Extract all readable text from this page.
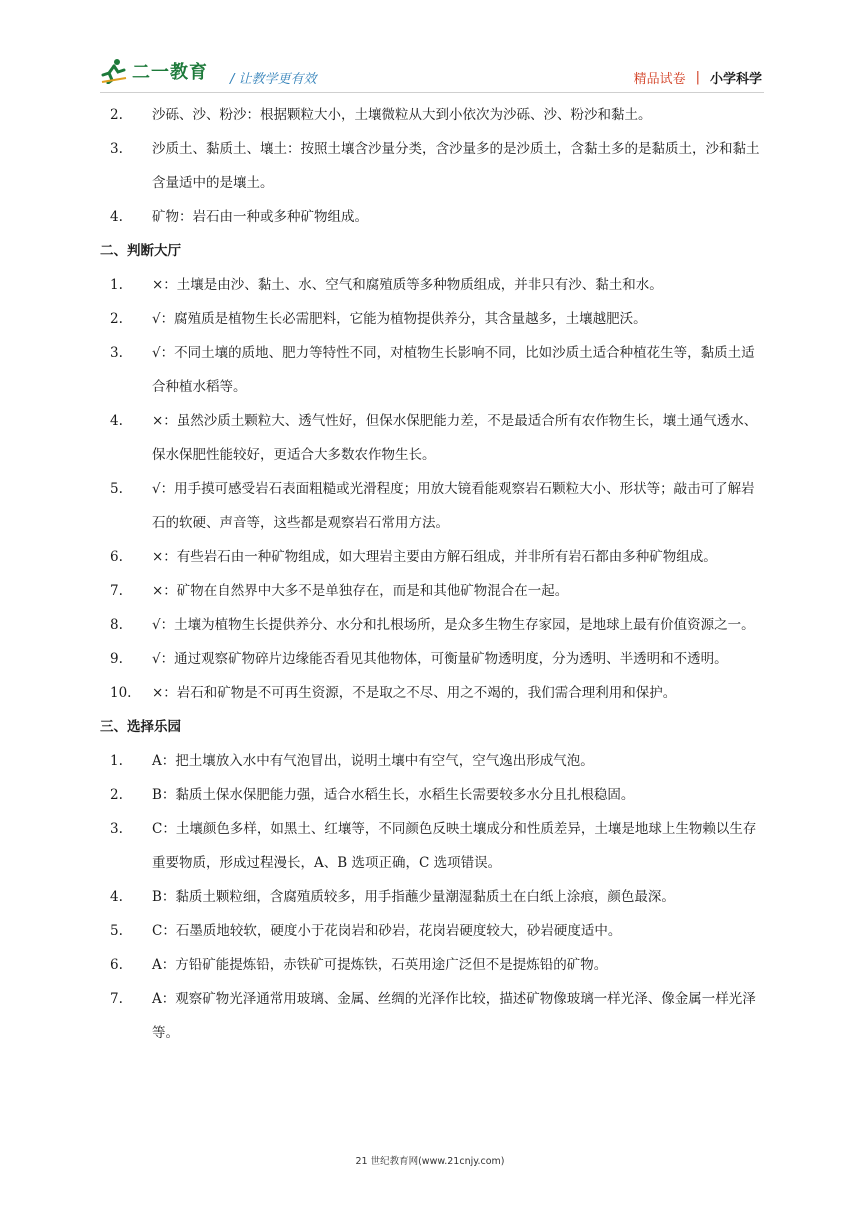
二一教育 / 让教学更有效	精品试卷 | 小学科学
2.	沙砾、沙、粉沙：根据颗粒大小，土壤微粒从大到小依次为沙砾、沙、粉沙和黏土。
3.	沙质土、黏质土、壤土：按照土壤含沙量分类，含沙量多的是沙质土，含黏土多的是黏质土，沙和黏土含量适中的是壤土。
4.	矿物：岩石由一种或多种矿物组成。
二、判断大厅
1.	×：土壤是由沙、黏土、水、空气和腐殖质等多种物质组成，并非只有沙、黏土和水。
2.	√：腐殖质是植物生长必需肥料，它能为植物提供养分，其含量越多，土壤越肥沃。
3.	√：不同土壤的质地、肥力等特性不同，对植物生长影响不同，比如沙质土适合种植花生等，黏质土适合种植水稻等。
4.	×：虽然沙质土颗粒大、透气性好，但保水保肥能力差，不是最适合所有农作物生长，壤土通气透水、保水保肥性能较好，更适合大多数农作物生长。
5.	√：用手摸可感受岩石表面粗糙或光滑程度；用放大镜看能观察岩石颗粒大小、形状等；敲击可了解岩石的软硬、声音等，这些都是观察岩石常用方法。
6.	×：有些岩石由一种矿物组成，如大理岩主要由方解石组成，并非所有岩石都由多种矿物组成。
7.	×：矿物在自然界中大多不是单独存在，而是和其他矿物混合在一起。
8.	√：土壤为植物生长提供养分、水分和扎根场所，是众多生物生存家园，是地球上最有价值资源之一。
9.	√：通过观察矿物碎片边缘能否看见其他物体，可衡量矿物透明度，分为透明、半透明和不透明。
10.	×：岩石和矿物是不可再生资源，不是取之不尽、用之不竭的，我们需合理利用和保护。
三、选择乐园
1.	A：把土壤放入水中有气泡冒出，说明土壤中有空气，空气逸出形成气泡。
2.	B：黏质土保水保肥能力强，适合水稻生长，水稻生长需要较多水分且扎根稳固。
3.	C：土壤颜色多样，如黑土、红壤等，不同颜色反映土壤成分和性质差异，土壤是地球上生物赖以生存重要物质，形成过程漫长，A、B 选项正确，C 选项错误。
4.	B：黏质土颗粒细，含腐殖质较多，用手指蘸少量潮湿黏质土在白纸上涂痕，颜色最深。
5.	C：石墨质地较软，硬度小于花岗岩和砂岩，花岗岩硬度较大，砂岩硬度适中。
6.	A：方铅矿能提炼铅，赤铁矿可提炼铁，石英用途广泛但不是提炼铅的矿物。
7.	A：观察矿物光泽通常用玻璃、金属、丝绸的光泽作比较，描述矿物像玻璃一样光泽、像金属一样光泽等。
21 世纪教育网(www.21cnjy.com)
